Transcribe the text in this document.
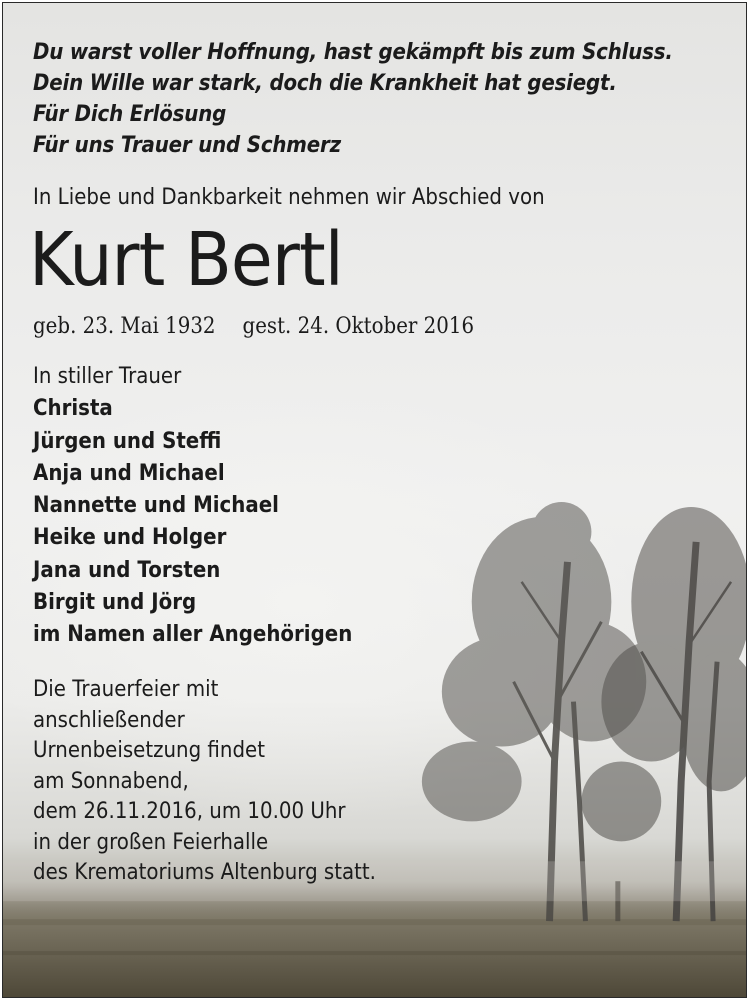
Du warst voller Hoffnung, hast gekämpft bis zum Schluss.
Dein Wille war stark, doch die Krankheit hat gesiegt.
Für Dich Erlösung
Für uns Trauer und Schmerz
In Liebe und Dankbarkeit nehmen wir Abschied von
Kurt Bertl
geb. 23. Mai 1932 gest. 24. Oktober 2016
In stiller Trauer
Christa
Jürgen und Steffi
Anja und Michael
Nannette und Michael
Heike und Holger
Jana und Torsten
Birgit und Jörg
im Namen aller Angehörigen
Die Trauerfeier mit
anschließender
Urnenbeisetzung findet
am Sonnabend,
dem 26.11.2016, um 10.00 Uhr
in der großen Feierhalle
des Krematoriums Altenburg statt.
